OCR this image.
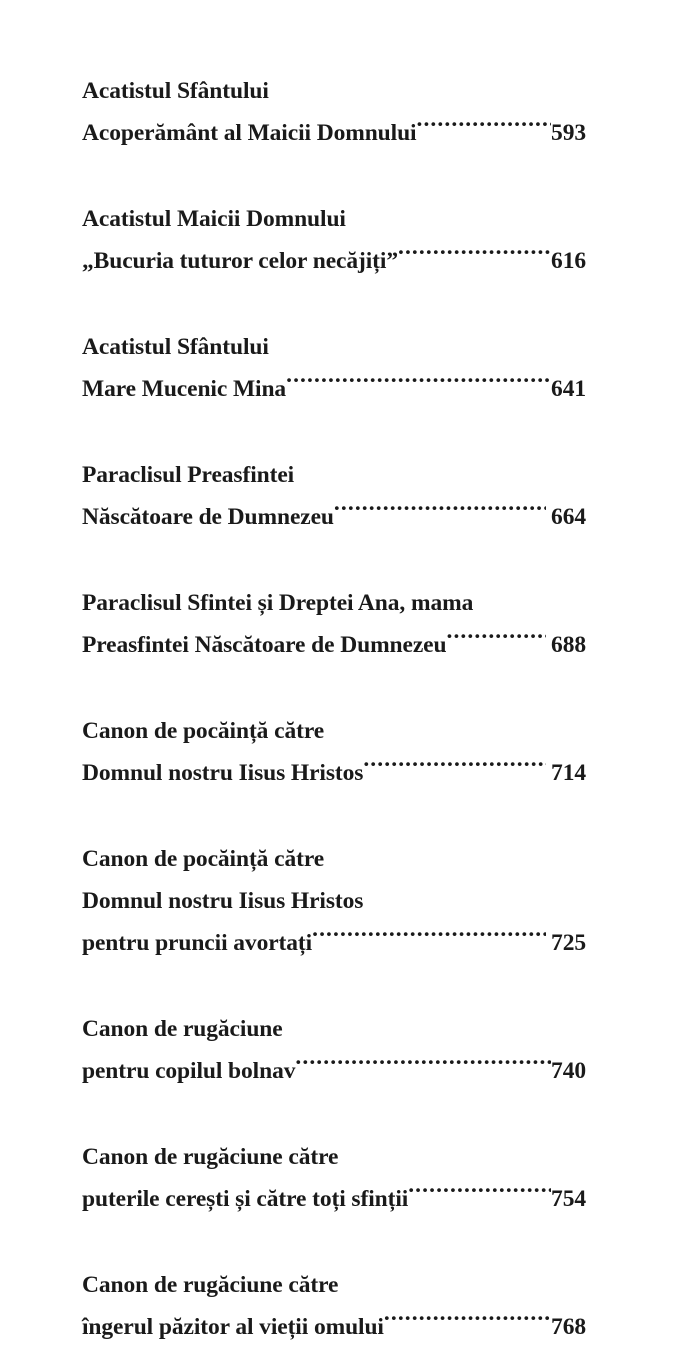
Acatistul Sfântului
Acoperământ al Maicii Domnului .....	593
Acatistul Maicii Domnului
„Bucuria tuturor celor necăjiți” .....	616
Acatistul Sfântului
Mare Mucenic Mina .....	641
Paraclisul Preasfintei
Născătoare de Dumnezeu .....	664
Paraclisul Sfintei și Dreptei Ana, mama
Preasfintei Născătoare de Dumnezeu .....	688
Canon de pocăință către
Domnul nostru Iisus Hristos .....	714
Canon de pocăință către
Domnul nostru Iisus Hristos
pentru pruncii avortați .....	725
Canon de rugăciune
pentru copilul bolnav .....	740
Canon de rugăciune către
puterile cerești și către toți sfinții .....	754
Canon de rugăciune către
îngerul păzitor al vieții omului .....	768
